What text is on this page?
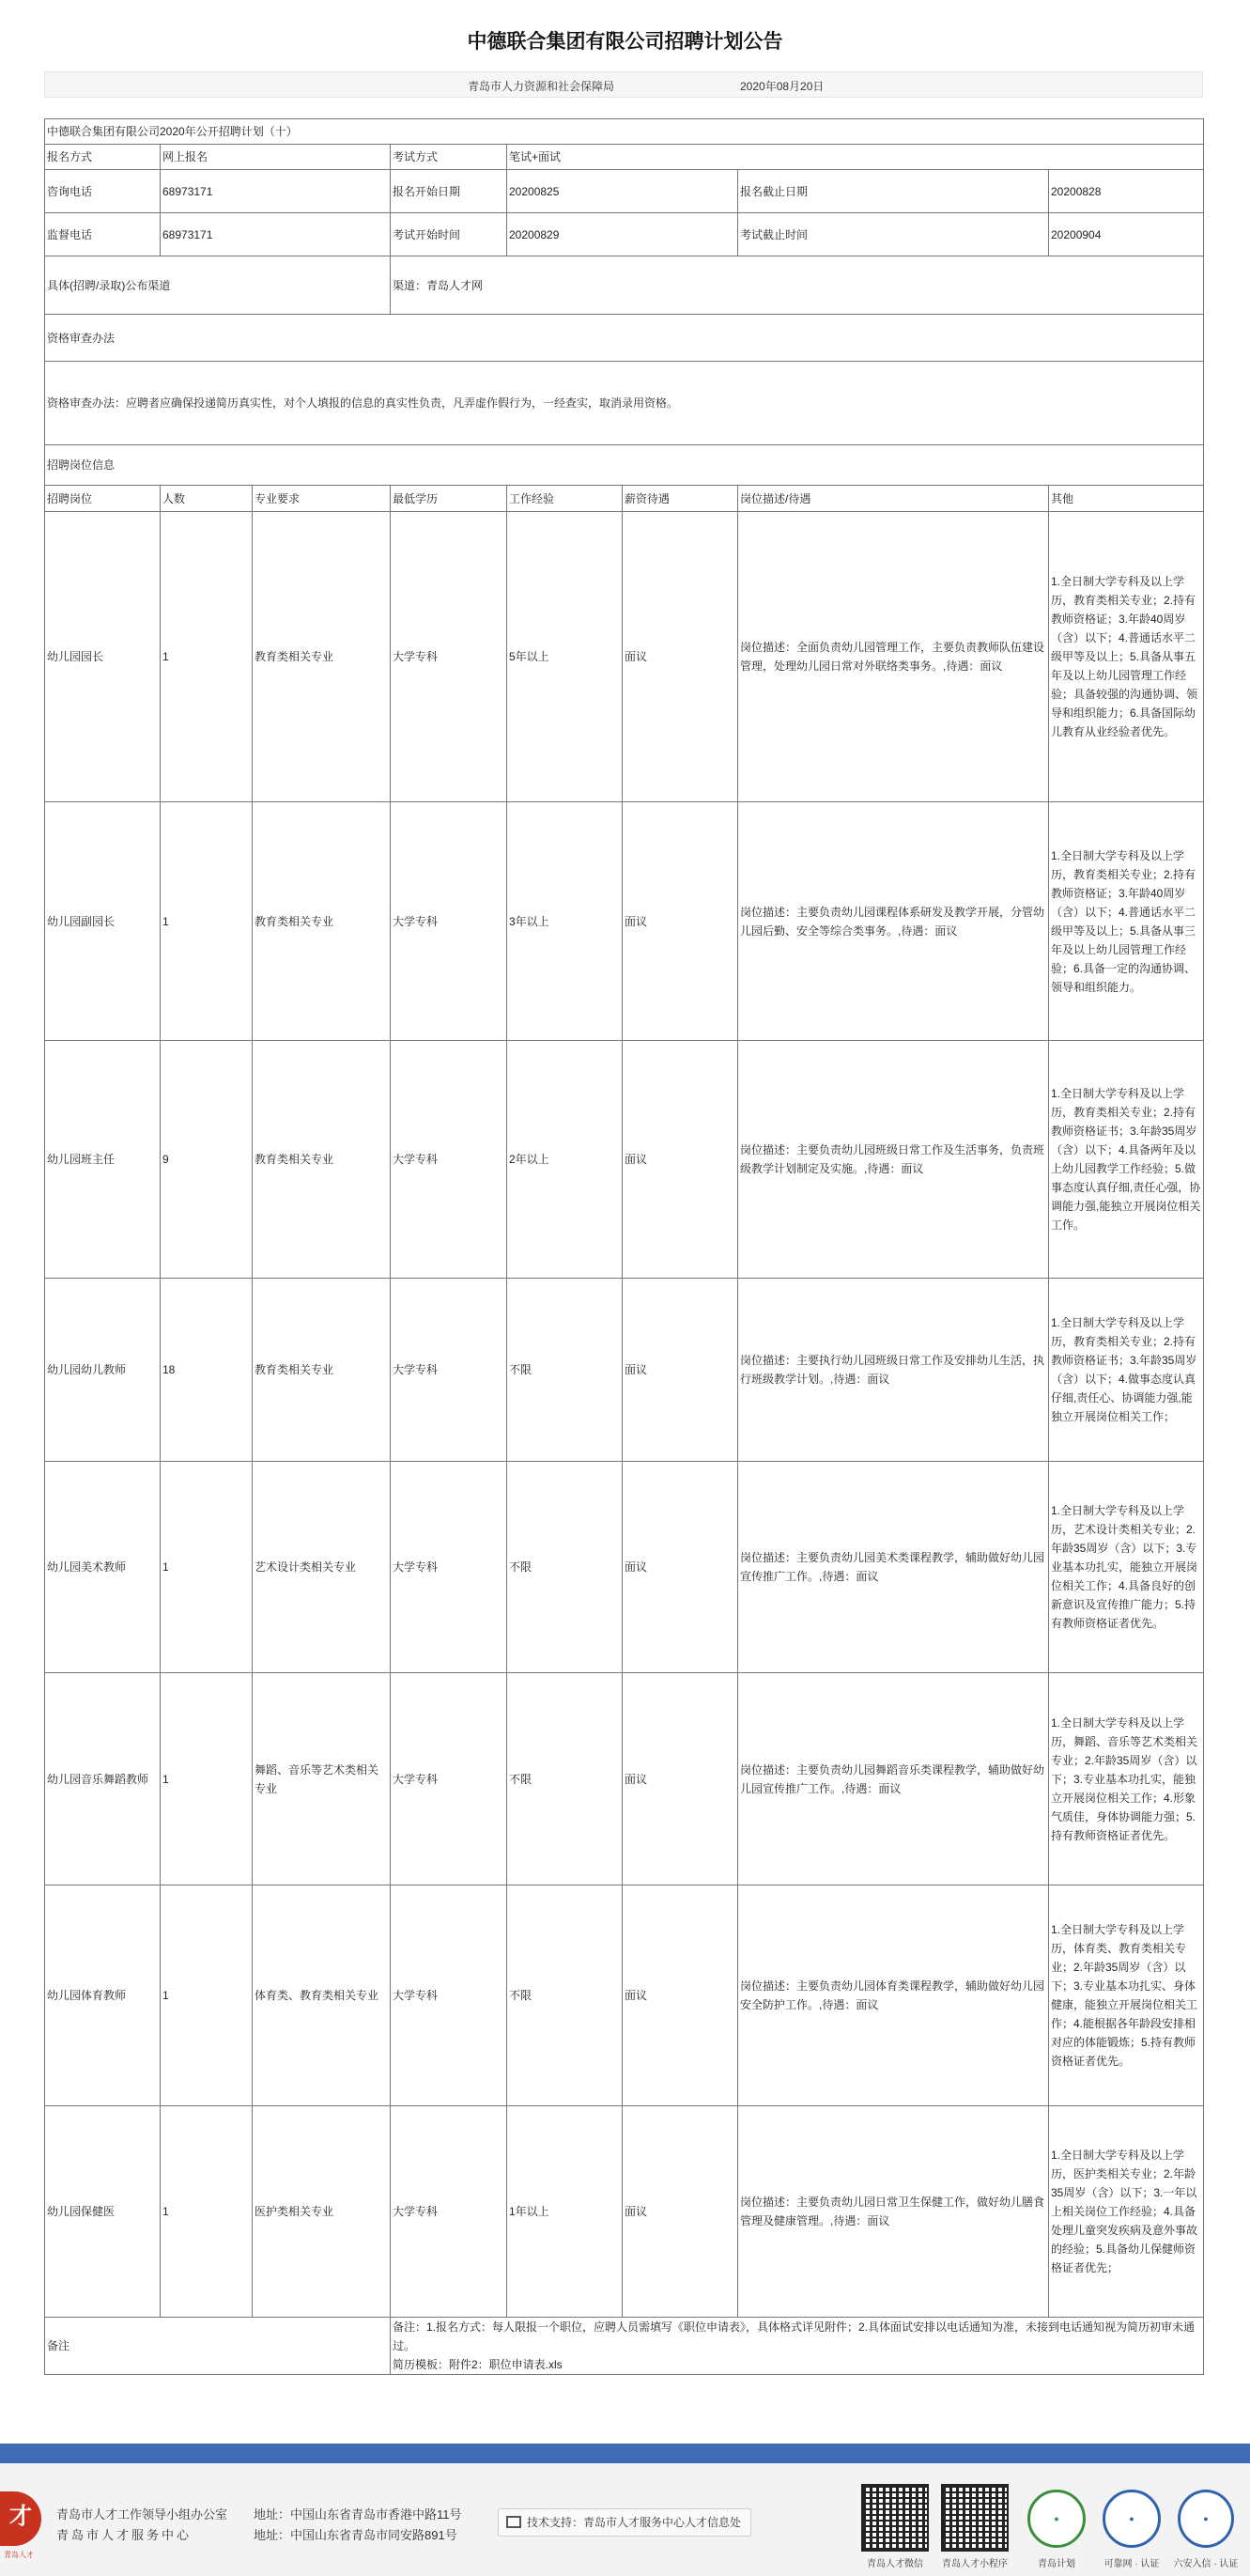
中德联合集团有限公司招聘计划公告
青岛市人力资源和社会保障局	2020年08月20日
中德联合集团有限公司2020年公开招聘计划（十）							
报名方式	网上报名		考试方式	笔试+面试			
咨询电话	68973171		报名开始日期	20200825		报名截止日期	20200828
监督电话	68973171		考试开始时间	20200829		考试截止时间	20200904
具体(招聘/录取)公布渠道			渠道：青岛人才网				
资格审查办法							
资格审查办法：应聘者应确保投递简历真实性，对个人填报的信息的真实性负责，凡弄虚作假行为，一经查实，取消录用资格。							
招聘岗位信息							
招聘岗位	人数	专业要求	最低学历	工作经验	薪资待遇	岗位描述/待遇	其他
幼儿园园长	1	教育类相关专业	大学专科	5年以上	面议	岗位描述：全面负责幼儿园管理工作，主要负责教师队伍建设管理，处理幼儿园日常对外联络类事务。,待遇：面议	1.全日制大学专科及以上学历，教育类相关专业；2.持有教师资格证；3.年龄40周岁（含）以下；4.普通话水平二级甲等及以上；5.具备从事五年及以上幼儿园管理工作经验；具备较强的沟通协调、领导和组织能力；6.具备国际幼儿教育从业经验者优先。
幼儿园副园长	1	教育类相关专业	大学专科	3年以上	面议	岗位描述：主要负责幼儿园课程体系研发及教学开展，分管幼儿园后勤、安全等综合类事务。,待遇：面议	1.全日制大学专科及以上学历，教育类相关专业；2.持有教师资格证；3.年龄40周岁（含）以下；4.普通话水平二级甲等及以上；5.具备从事三年及以上幼儿园管理工作经验；6.具备一定的沟通协调、领导和组织能力。
幼儿园班主任	9	教育类相关专业	大学专科	2年以上	面议	岗位描述：主要负责幼儿园班级日常工作及生活事务，负责班级教学计划制定及实施。,待遇：面议	1.全日制大学专科及以上学历，教育类相关专业；2.持有教师资格证书；3.年龄35周岁（含）以下；4.具备两年及以上幼儿园教学工作经验；5.做事态度认真仔细,责任心强，协调能力强,能独立开展岗位相关工作。
幼儿园幼儿教师	18	教育类相关专业	大学专科	不限	面议	岗位描述：主要执行幼儿园班级日常工作及安排幼儿生活，执行班级教学计划。,待遇：面议	1.全日制大学专科及以上学历，教育类相关专业；2.持有教师资格证书；3.年龄35周岁（含）以下；4.做事态度认真仔细,责任心、协调能力强,能独立开展岗位相关工作；
幼儿园美术教师	1	艺术设计类相关专业	大学专科	不限	面议	岗位描述：主要负责幼儿园美术类课程教学，辅助做好幼儿园宣传推广工作。,待遇：面议	1.全日制大学专科及以上学历，艺术设计类相关专业；2.年龄35周岁（含）以下；3.专业基本功扎实，能独立开展岗位相关工作；4.具备良好的创新意识及宣传推广能力；5.持有教师资格证者优先。
幼儿园音乐舞蹈教师	1	舞蹈、音乐等艺术类相关专业	大学专科	不限	面议	岗位描述：主要负责幼儿园舞蹈音乐类课程教学，辅助做好幼儿园宣传推广工作。,待遇：面议	1.全日制大学专科及以上学历，舞蹈、音乐等艺术类相关专业；2.年龄35周岁（含）以下；3.专业基本功扎实，能独立开展岗位相关工作；4.形象气质佳，身体协调能力强；5.持有教师资格证者优先。
幼儿园体育教师	1	体育类、教育类相关专业	大学专科	不限	面议	岗位描述：主要负责幼儿园体育类课程教学，辅助做好幼儿园安全防护工作。,待遇：面议	1.全日制大学专科及以上学历，体育类、教育类相关专业；2.年龄35周岁（含）以下；3.专业基本功扎实、身体健康，能独立开展岗位相关工作；4.能根据各年龄段安排相对应的体能锻炼；5.持有教师资格证者优先。
幼儿园保健医	1	医护类相关专业	大学专科	1年以上	面议	岗位描述：主要负责幼儿园日常卫生保健工作，做好幼儿膳食管理及健康管理。,待遇：面议	1.全日制大学专科及以上学历，医护类相关专业；2.年龄35周岁（含）以下；3.一年以上相关岗位工作经验；4.具备处理儿童突发疾病及意外事故的经验；5.具备幼儿保健师资格证者优先；
备注			备注：1.报名方式：每人限报一个职位，应聘人员需填写《职位申请表》，具体格式详见附件；2.具体面试安排以电话通知为准，未接到电话通知视为简历初审未通过。
简历模板：附件2：职位申请表.xls				
才
青岛人才
青岛市人才工作领导小组办公室
青岛市人才服务中心
地址：中国山东省青岛市香港中路11号
地址：中国山东省青岛市同安路891号
技术支持：青岛市人才服务中心人才信息处
青岛人才微信	青岛人才小程序
●
青岛计划
●
可靠网 · 认证
●
六安入信 · 认证
